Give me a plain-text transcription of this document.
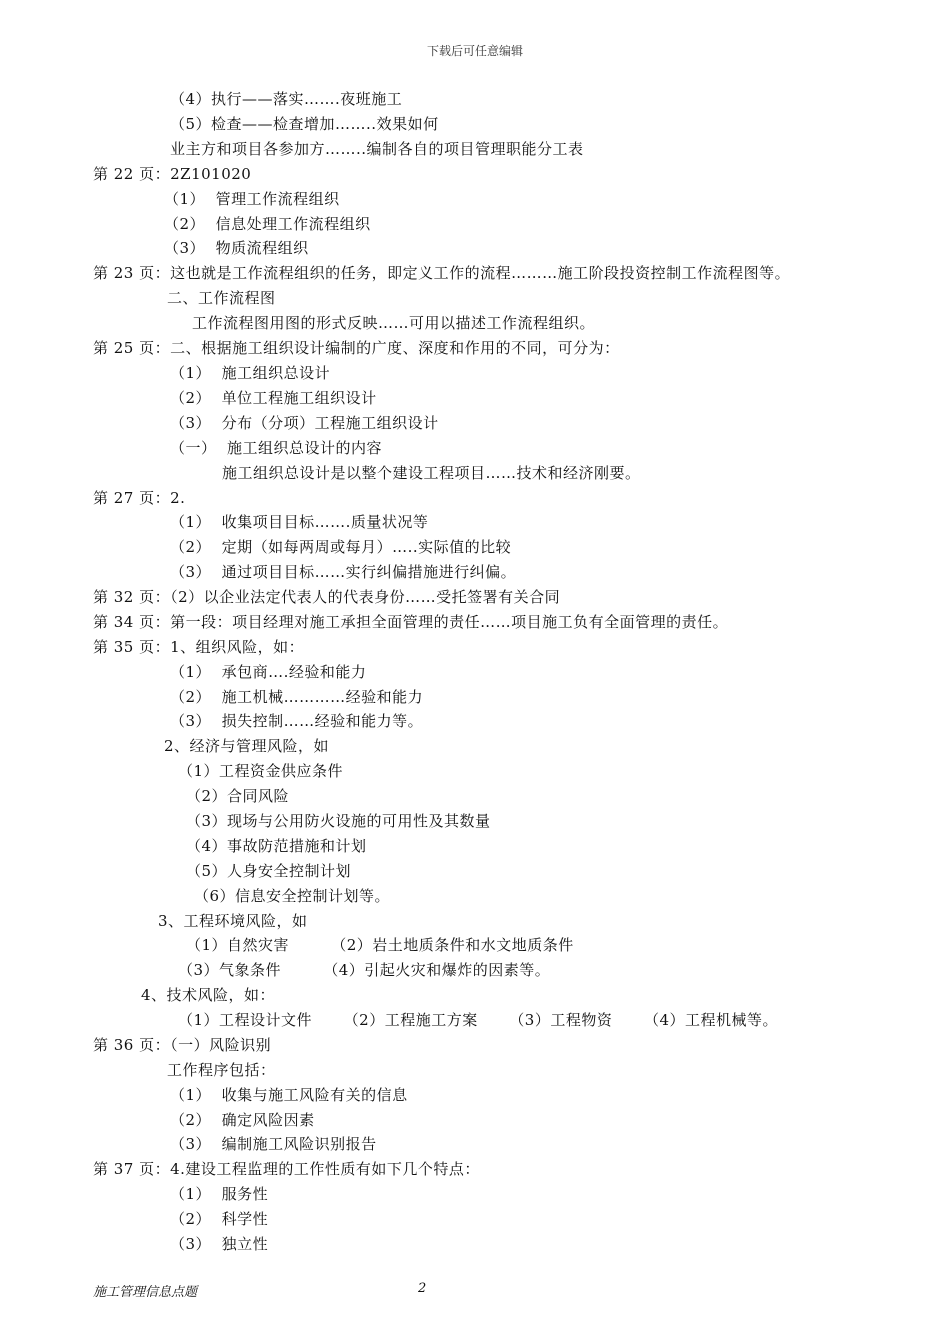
下载后可任意编辑
（4）执行——落实…….夜班施工
（5）检查——检查增加……..效果如何
业主方和项目各参加方……..编制各自的项目管理职能分工表
第 22 页：2Z101020
（1）  管理工作流程组织
（2）  信息处理工作流程组织
（3）  物质流程组织
第 23 页：这也就是工作流程组织的任务，即定义工作的流程………施工阶段投资控制工作流程图等。
二、工作流程图
工作流程图用图的形式反映……可用以描述工作流程组织。
第 25 页：二、根据施工组织设计编制的广度、深度和作用的不同，可分为：
（1）  施工组织总设计
（2）  单位工程施工组织设计
（3）  分布（分项）工程施工组织设计
（一）  施工组织总设计的内容
施工组织总设计是以整个建设工程项目……技术和经济刚要。
第 27 页：2.
（1）  收集项目目标…….质量状况等
（2）  定期（如每两周或每月）…..实际值的比较
（3）  通过项目目标……实行纠偏措施进行纠偏。
第 32 页：（2）以企业法定代表人的代表身份……受托签署有关合同
第 34 页：第一段：项目经理对施工承担全面管理的责任……项目施工负有全面管理的责任。
第 35 页：1、组织风险，如：
（1）  承包商….经验和能力
（2）  施工机械…………经验和能力
（3）  损失控制……经验和能力等。
2、经济与管理风险，如
（1）工程资金供应条件
（2）合同风险
（3）现场与公用防火设施的可用性及其数量
（4）事故防范措施和计划
（5）人身安全控制计划
（6）信息安全控制计划等。
3、工程环境风险，如
（1）自然灾害        （2）岩土地质条件和水文地质条件
（3）气象条件        （4）引起火灾和爆炸的因素等。
4、技术风险，如：
（1）工程设计文件      （2）工程施工方案      （3）工程物资      （4）工程机械等。
第 36 页：（一）风险识别
工作程序包括：
（1）  收集与施工风险有关的信息
（2）  确定风险因素
（3）  编制施工风险识别报告
第 37 页：4.建设工程监理的工作性质有如下几个特点：
（1）  服务性
（2）  科学性
（3）  独立性
施工管理信息点题	2
